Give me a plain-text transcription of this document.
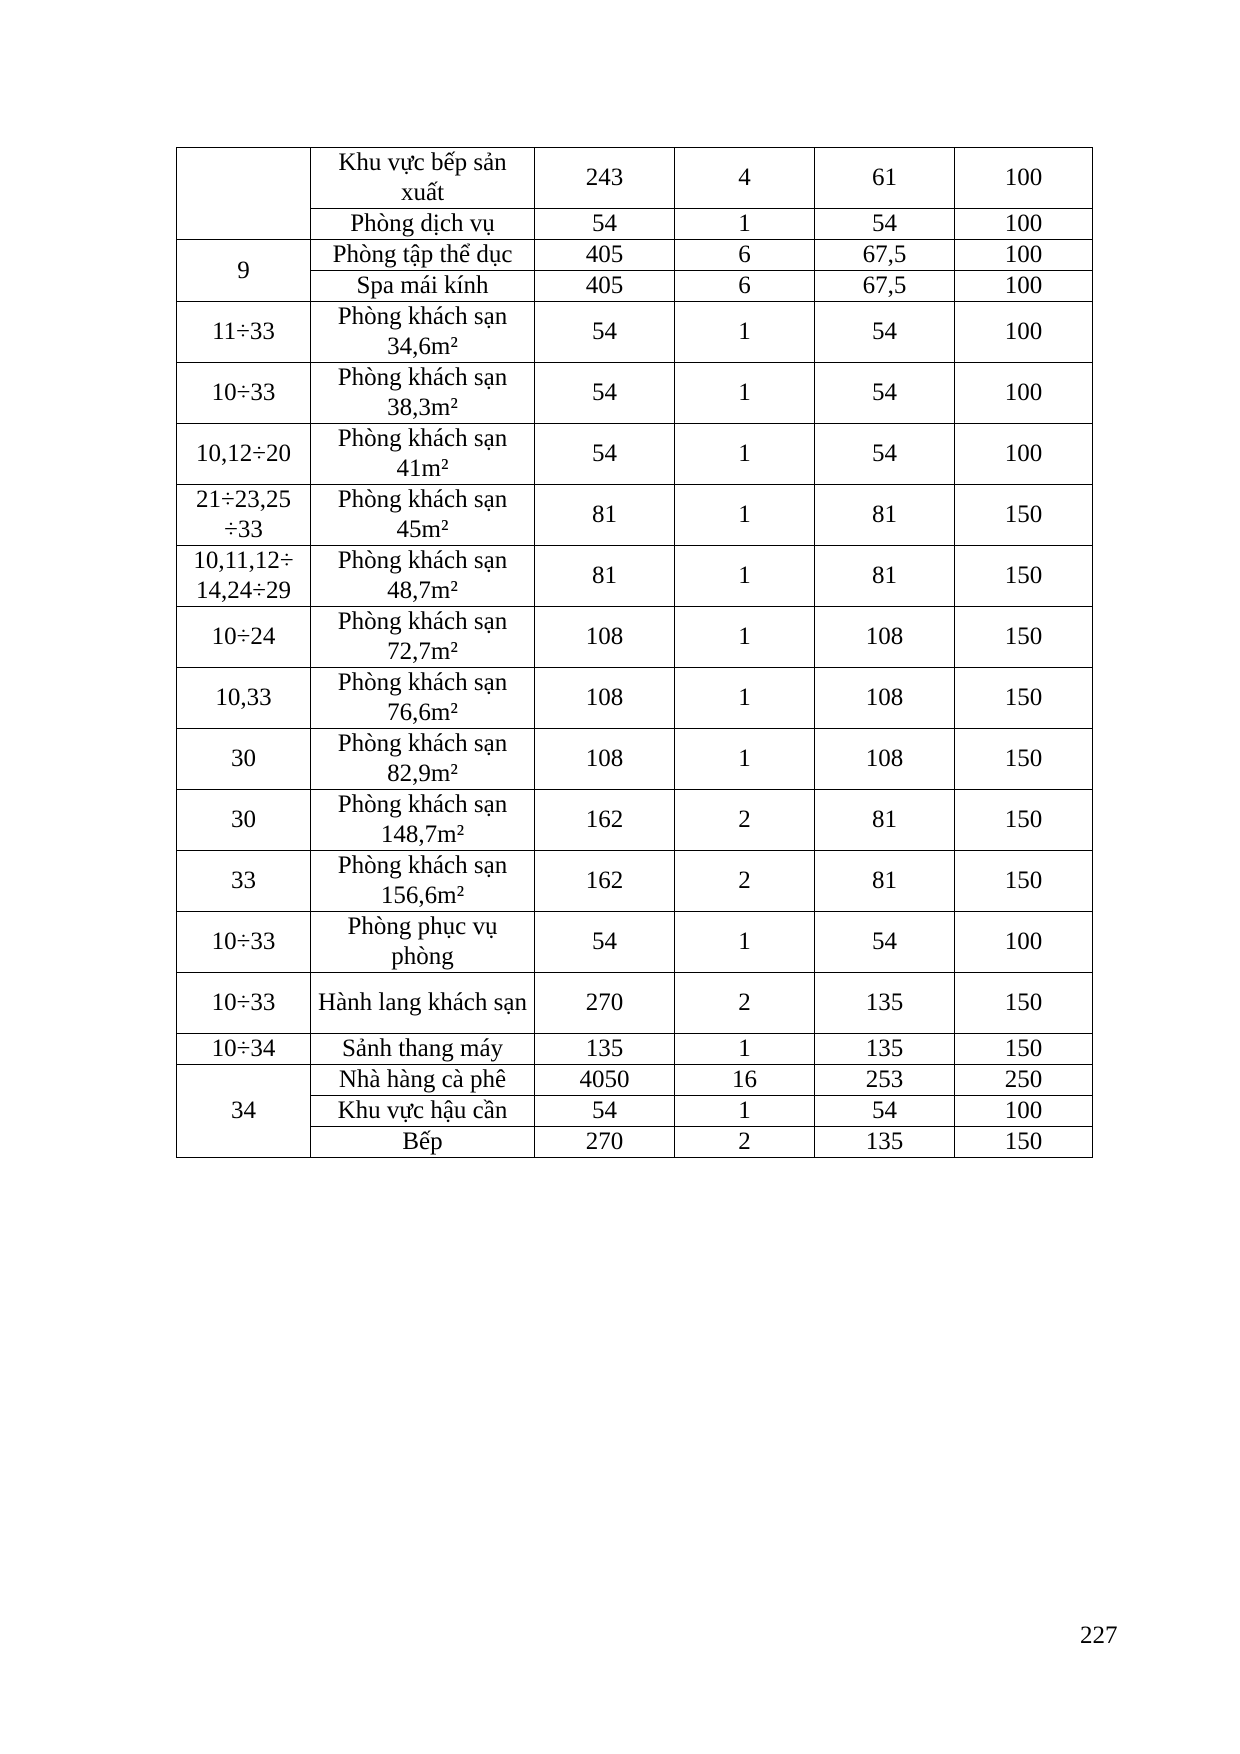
	Khu vực bếp sản xuất	243	4	61	100
	Phòng dịch vụ	54	1	54	100
9	Phòng tập thể dục	405	6	67,5	100
	Spa mái kính	405	6	67,5	100
11÷33	Phòng khách sạn 34,6m²	54	1	54	100
10÷33	Phòng khách sạn 38,3m²	54	1	54	100
10,12÷20	Phòng khách sạn 41m²	54	1	54	100
21÷23,25 ÷33	Phòng khách sạn 45m²	81	1	81	150
10,11,12÷ 14,24÷29	Phòng khách sạn 48,7m²	81	1	81	150
10÷24	Phòng khách sạn 72,7m²	108	1	108	150
10,33	Phòng khách sạn 76,6m²	108	1	108	150
30	Phòng khách sạn 82,9m²	108	1	108	150
30	Phòng khách sạn 148,7m²	162	2	81	150
33	Phòng khách sạn 156,6m²	162	2	81	150
10÷33	Phòng phục vụ phòng	54	1	54	100
10÷33	Hành lang khách sạn	270	2	135	150
10÷34	Sảnh thang máy	135	1	135	150
34	Nhà hàng cà phê	4050	16	253	250
	Khu vực hậu cần	54	1	54	100
	Bếp	270	2	135	150
227
